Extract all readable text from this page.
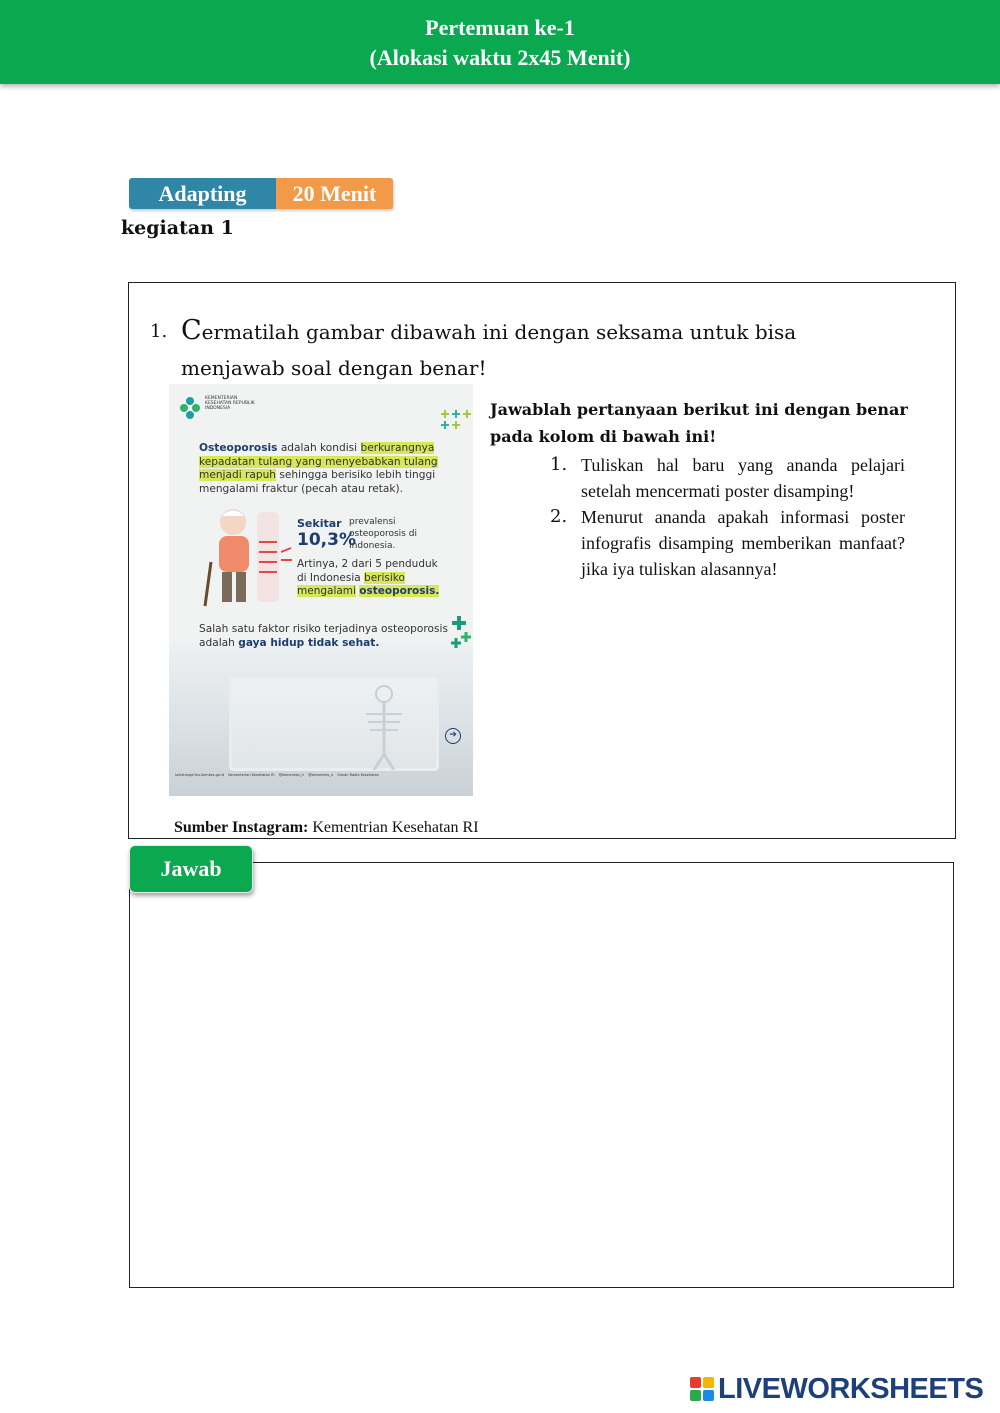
Pertemuan ke-1
(Alokasi waktu 2x45 Menit)
Adapting	20 Menit
kegiatan 1
1. Cermatilah gambar dibawah ini dengan seksama untuk bisa menjawab soal dengan benar!
KEMENTERIAN KESEHATAN REPUBLIK INDONESIA
Osteoporosis adalah kondisi berkurangnya kepadatan tulang yang menyebabkan tulang menjadi rapuh sehingga berisiko lebih tinggi mengalami fraktur (pecah atau retak).
Sekitar
10,3%
prevalensi osteoporosis di Indonesia.
Artinya, 2 dari 5 penduduk di Indonesia berisiko mengalami osteoporosis.
Salah satu faktor risiko terjadinya osteoporosis adalah gaya hidup tidak sehat.
➔
sehatnegeriku.kemkes.go.id Kementerian Kesehatan RI @kemenkes_ri @kemenkes_ri Siaran Radio Kesehatan
Jawablah pertanyaan berikut ini dengan benar pada kolom di bawah ini!
1. Tuliskan hal baru yang ananda pelajari setelah mencermati poster disamping!
2. Menurut ananda apakah informasi poster infografis disamping memberikan manfaat? jika iya tuliskan alasannya!
Sumber Instagram: Kementrian Kesehatan RI
Jawab
LIVEWORKSHEETS
